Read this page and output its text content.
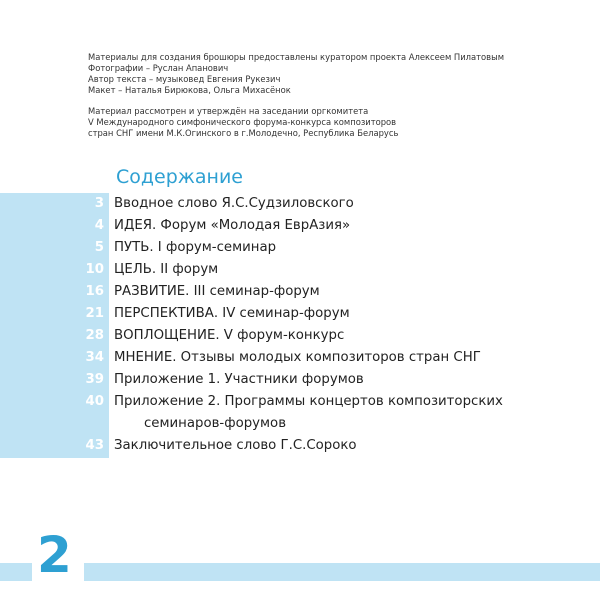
Материалы для создания брошюры предоставлены куратором проекта Алексеем Пилатовым
Фотографии – Руслан Апанович
Автор текста – музыковед Евгения Рукезич
Макет – Наталья Бирюкова, Ольга Михасёнок
Материал рассмотрен и утверждён на заседании оргкомитета
V Международного симфонического форума-конкурса композиторов
стран СНГ имени М.К.Огинского в г.Молодечно, Республика Беларусь
Содержание
3 Вводное слово Я.С.Судзиловского
4 ИДЕЯ. Форум «Молодая ЕврАзия»
5 ПУТЬ. I форум-семинар
10 ЦЕЛЬ. II форум
16 РАЗВИТИЕ. III семинар-форум
21 ПЕРСПЕКТИВА. IV семинар-форум
28 ВОПЛОЩЕНИЕ. V форум-конкурс
34 МНЕНИЕ. Отзывы молодых композиторов стран СНГ
39 Приложение 1. Участники форумов
40 Приложение 2. Программы концертов композиторских
семинаров-форумов
43 Заключительное слово Г.С.Сороко
2
